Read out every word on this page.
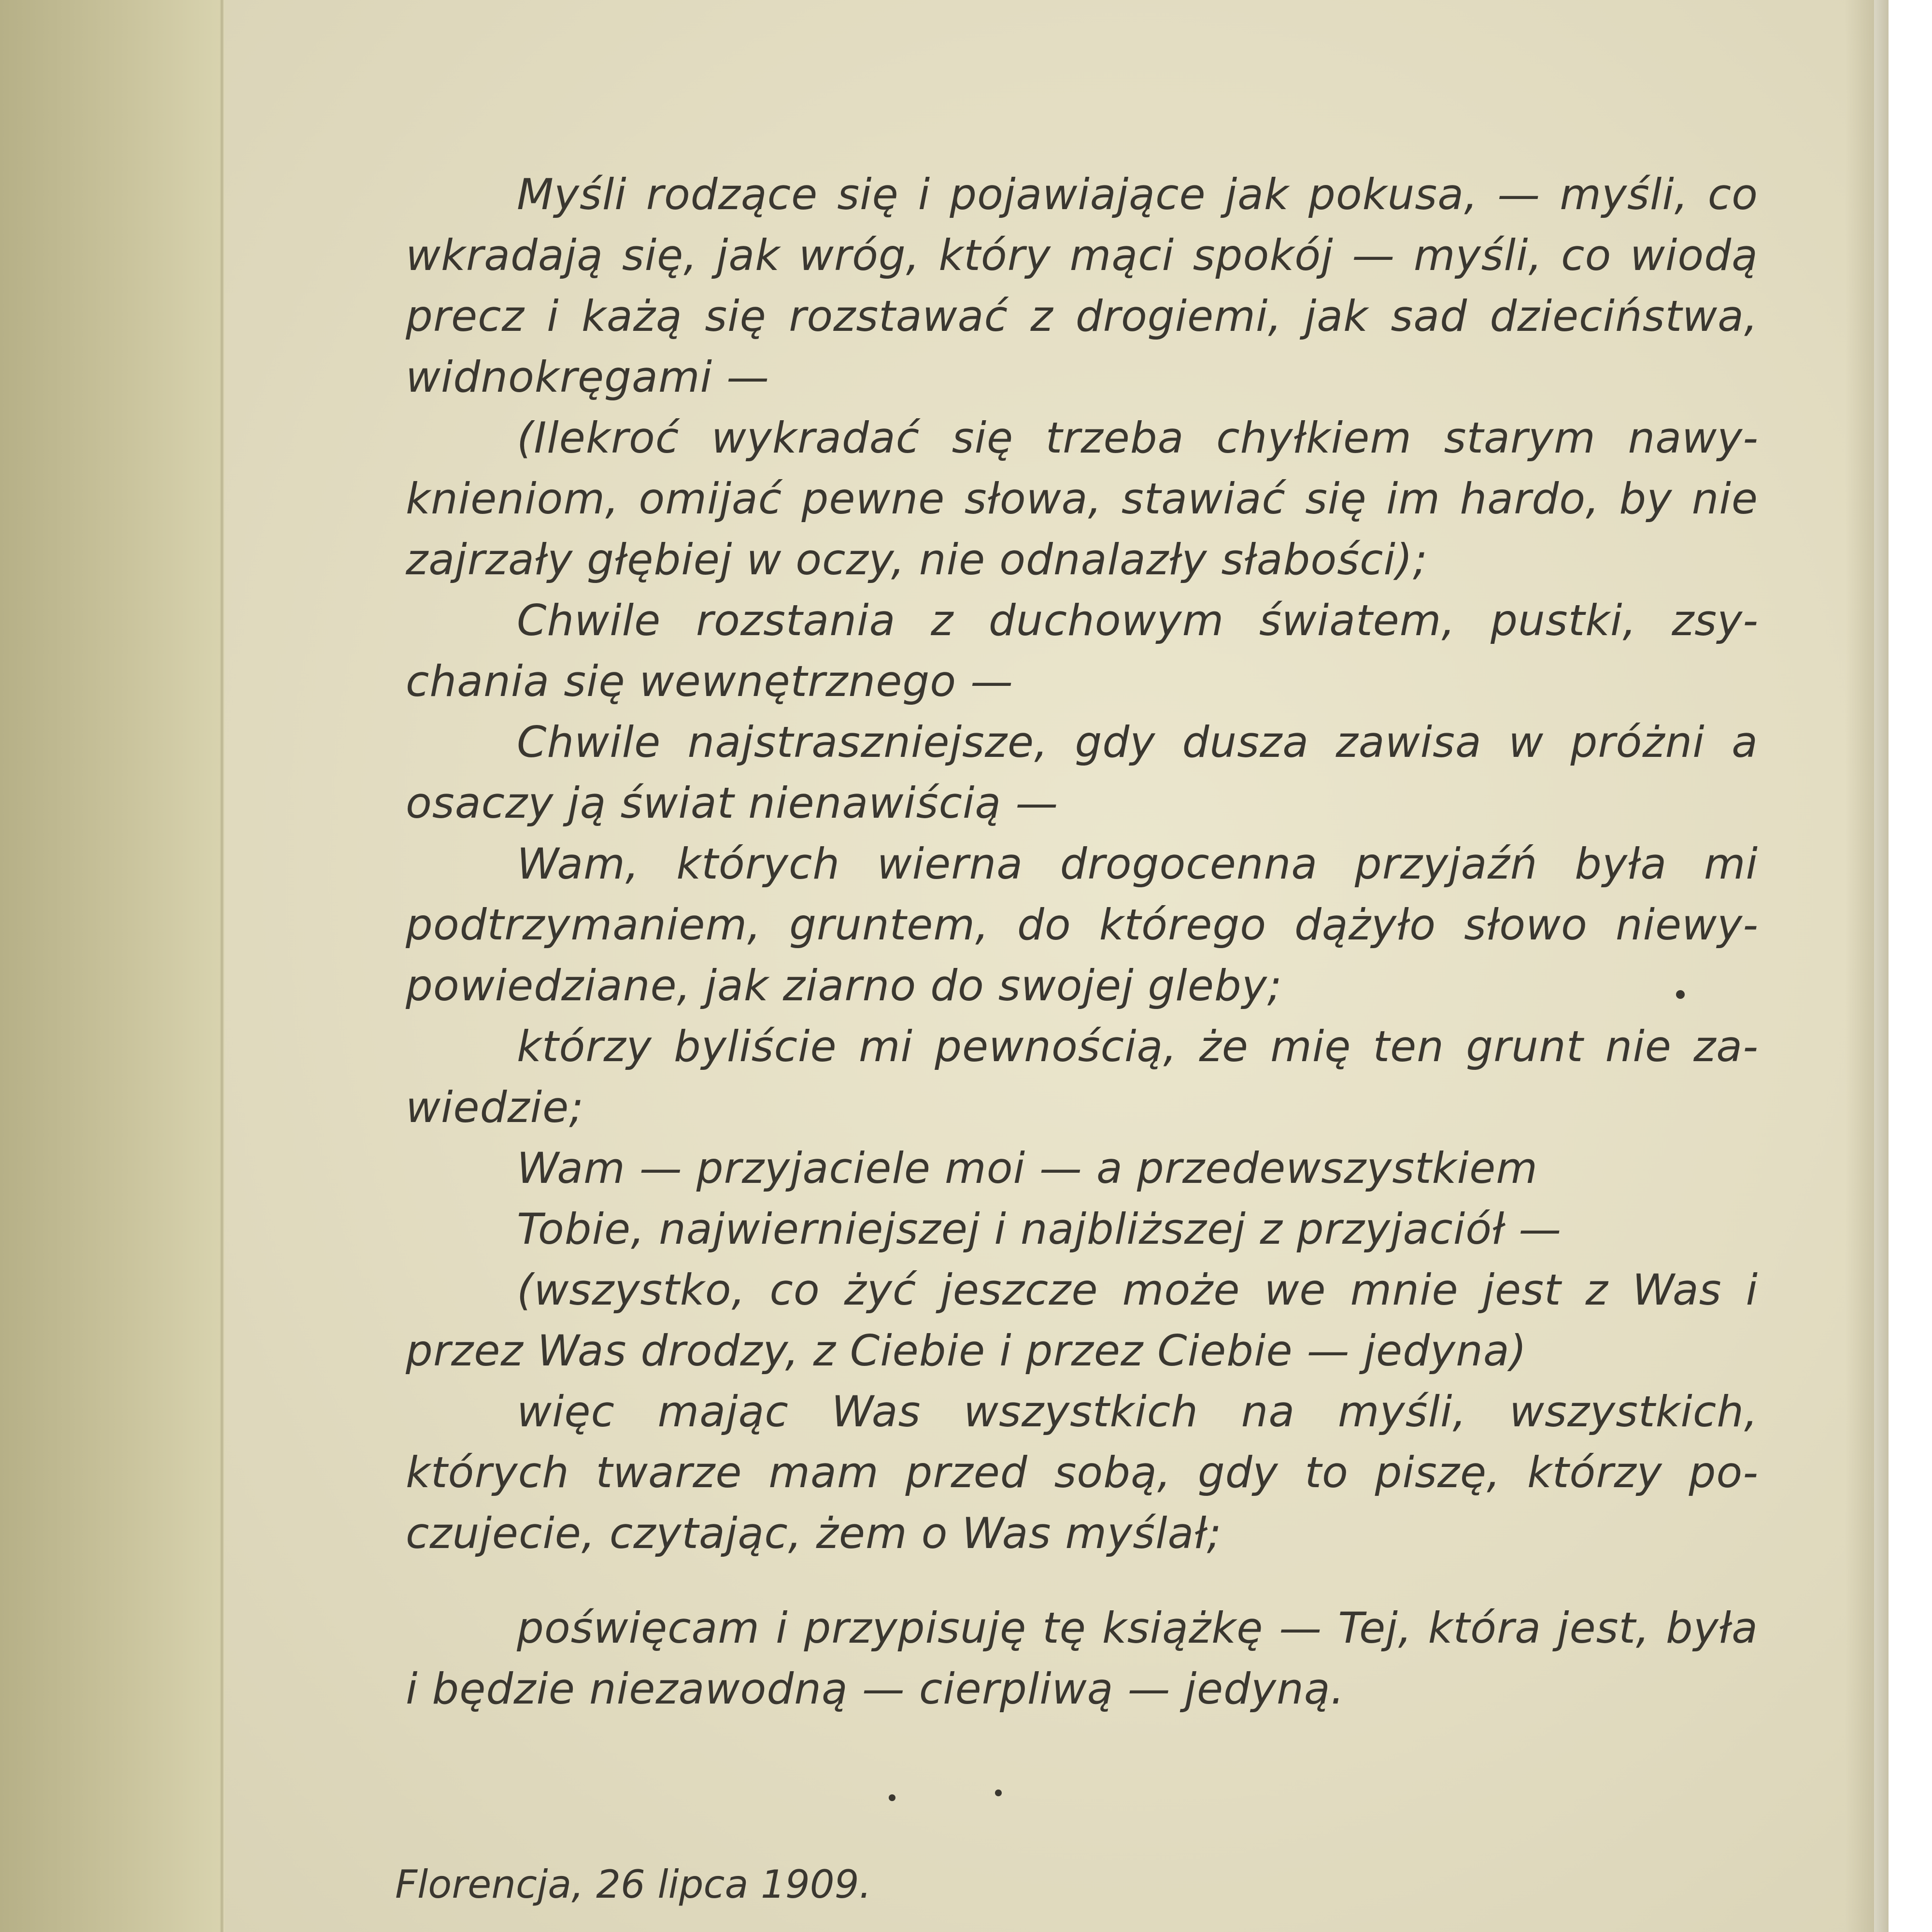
Myśli rodzące się i pojawiające jak pokusa, — myśli, co wkradają się, jak wróg, który mąci spokój — myśli, co wiodą precz i każą się rozstawać z drogiemi, jak sad dzieciństwa, widnokręgami —

(Ilekroć wykradać się trzeba chyłkiem starym nawyknieniom, omijać pewne słowa, stawiać się im hardo, by nie zajrzały głębiej w oczy, nie odnalazły słabości);

Chwile rozstania z duchowym światem, pustki, zsychania się wewnętrznego —

Chwile najstraszniejsze, gdy dusza zawisa w próżni a osaczy ją świat nienawiścią —

Wam, których wierna drogocenna przyjaźń była mi podtrzymaniem, gruntem, do którego dążyło słowo niewypowiedziane, jak ziarno do swojej gleby;

którzy byliście mi pewnością, że mię ten grunt nie zawiedzie;

Wam — przyjaciele moi — a przedewszystkiem

Tobie, najwierniejszej i najbliższej z przyjaciół —

(wszystko, co żyć jeszcze może we mnie jest z Was i przez Was drodzy, z Ciebie i przez Ciebie — jedyna)

więc mając Was wszystkich na myśli, wszystkich, których twarze mam przed sobą, gdy to piszę, którzy poczujecie, czytając, żem o Was myślał;

poświęcam i przypisuję tę książkę — Tej, która jest, była i będzie niezawodną — cierpliwą — jedyną.

Florencja, 26 lipca 1909.
